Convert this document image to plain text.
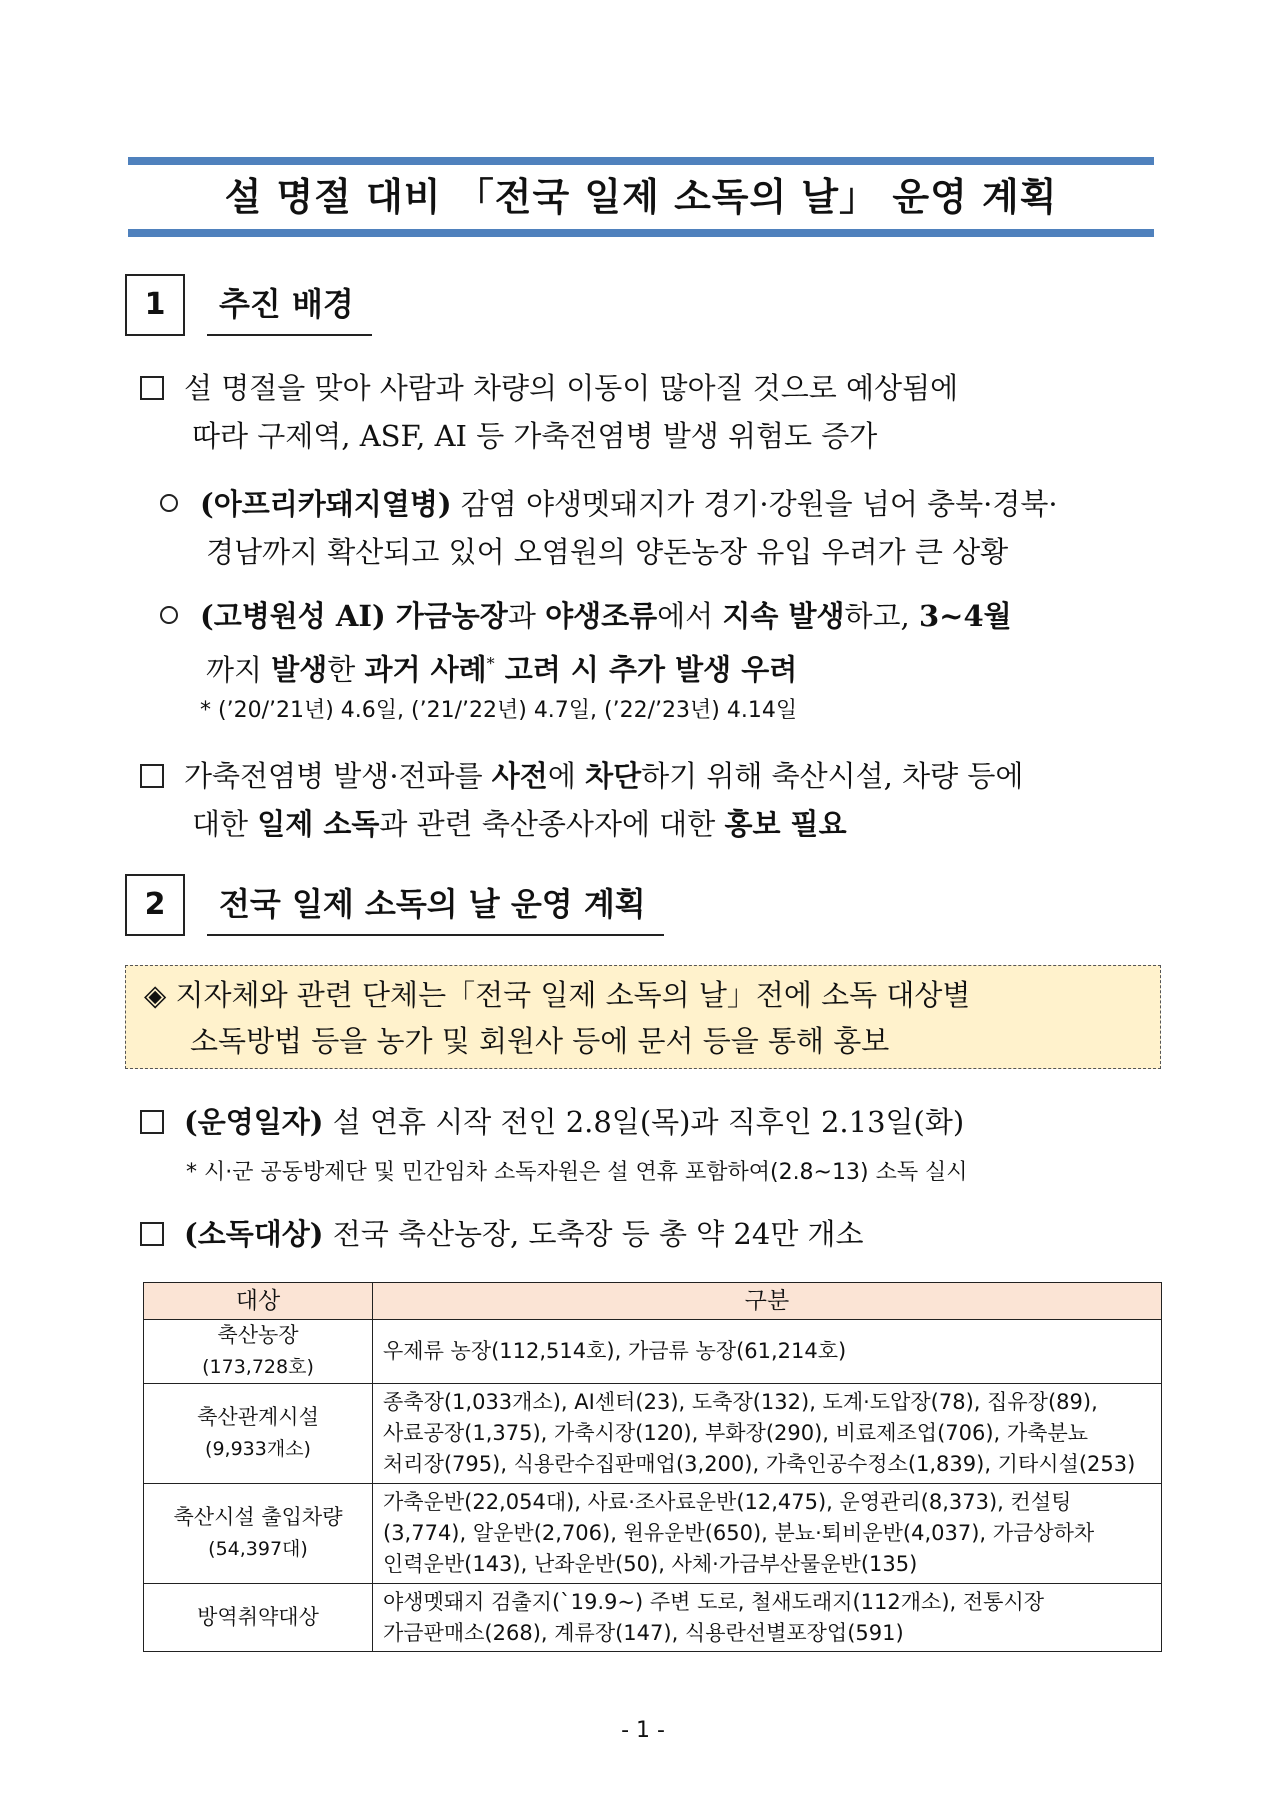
설 명절 대비 「전국 일제 소독의 날」 운영 계획
1	추진 배경
설 명절을 맞아 사람과 차량의 이동이 많아질 것으로 예상됨에
따라 구제역, ASF, AI 등 가축전염병 발생 위험도 증가
(아프리카돼지열병) 감염 야생멧돼지가 경기·강원을 넘어 충북·경북·
경남까지 확산되고 있어 오염원의 양돈농장 유입 우려가 큰 상황
(고병원성 AI) 가금농장과 야생조류에서 지속 발생하고, 3~4월
까지 발생한 과거 사례* 고려 시 추가 발생 우려
* (’20/’21년) 4.6일, (’21/’22년) 4.7일, (’22/’23년) 4.14일
가축전염병 발생·전파를 사전에 차단하기 위해 축산시설, 차량 등에
대한 일제 소독과 관련 축산종사자에 대한 홍보 필요
2	전국 일제 소독의 날 운영 계획
◈ 지자체와 관련 단체는「전국 일제 소독의 날」전에 소독 대상별
소독방법 등을 농가 및 회원사 등에 문서 등을 통해 홍보
(운영일자) 설 연휴 시작 전인 2.8일(목)과 직후인 2.13일(화)
* 시·군 공동방제단 및 민간임차 소독자원은 설 연휴 포함하여(2.8~13) 소독 실시
(소독대상) 전국 축산농장, 도축장 등 총 약 24만 개소
대상	구분
축산농장
(173,728호)	우제류 농장(112,514호), 가금류 농장(61,214호)
축산관계시설
(9,933개소)	종축장(1,033개소), AI센터(23), 도축장(132), 도계·도압장(78), 집유장(89),
사료공장(1,375), 가축시장(120), 부화장(290), 비료제조업(706), 가축분뇨
처리장(795), 식용란수집판매업(3,200), 가축인공수정소(1,839), 기타시설(253)
축산시설 출입차량
(54,397대)	가축운반(22,054대), 사료·조사료운반(12,475), 운영관리(8,373), 컨설팅
(3,774), 알운반(2,706), 원유운반(650), 분뇨·퇴비운반(4,037), 가금상하차
인력운반(143), 난좌운반(50), 사체·가금부산물운반(135)
방역취약대상	야생멧돼지 검출지(`19.9~) 주변 도로, 철새도래지(112개소), 전통시장
가금판매소(268), 계류장(147), 식용란선별포장업(591)
- 1 -
